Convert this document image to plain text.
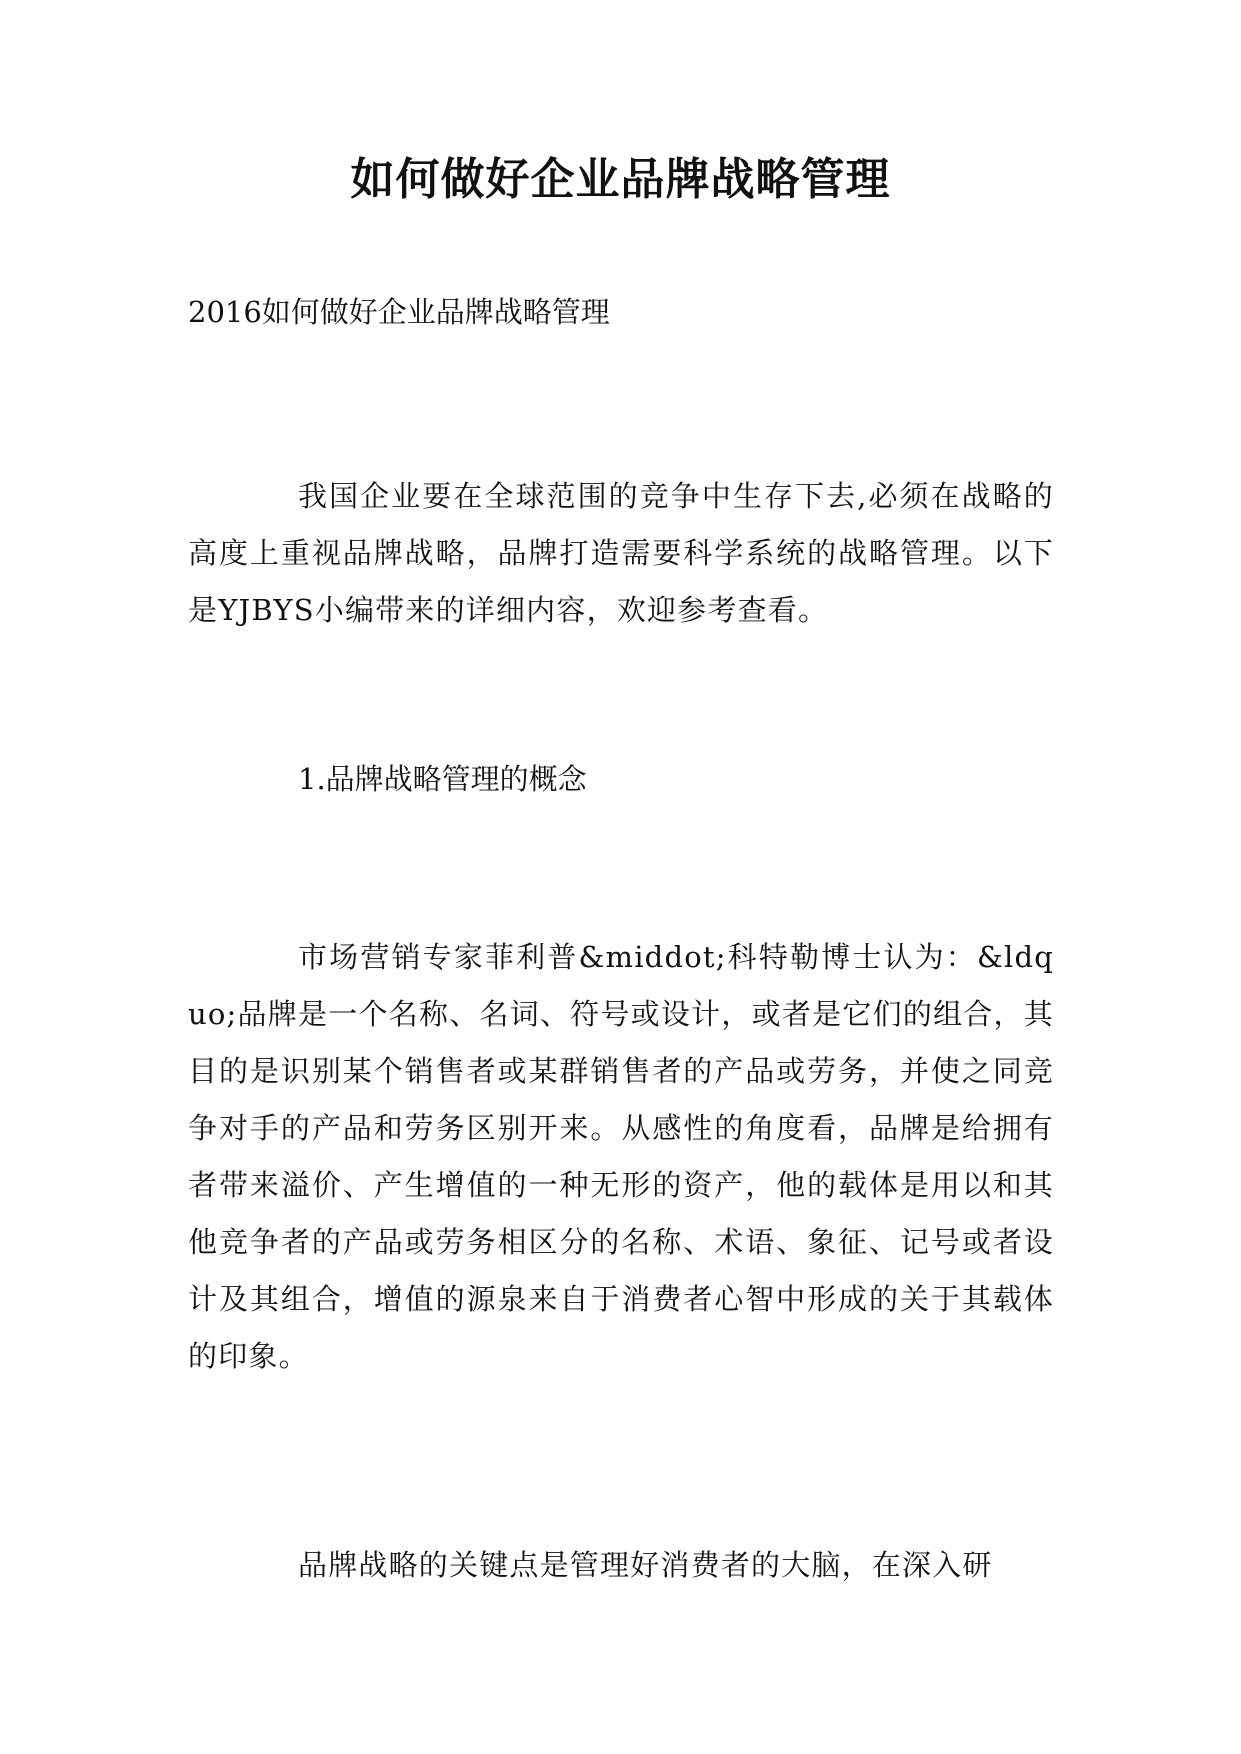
如何做好企业品牌战略管理

2016如何做好企业品牌战略管理

我国企业要在全球范围的竞争中生存下去,必须在战略的高度上重视品牌战略，品牌打造需要科学系统的战略管理。以下是YJBYS小编带来的详细内容，欢迎参考查看。

1.品牌战略管理的概念

市场营销专家菲利普&middot;科特勒博士认为：&ldquo;品牌是一个名称、名词、符号或设计，或者是它们的组合，其目的是识别某个销售者或某群销售者的产品或劳务，并使之同竞争对手的产品和劳务区别开来。从感性的角度看，品牌是给拥有者带来溢价、产生增值的一种无形的资产，他的载体是用以和其他竞争者的产品或劳务相区分的名称、术语、象征、记号或者设计及其组合，增值的源泉来自于消费者心智中形成的关于其载体的印象。

品牌战略的关键点是管理好消费者的大脑，在深入研
